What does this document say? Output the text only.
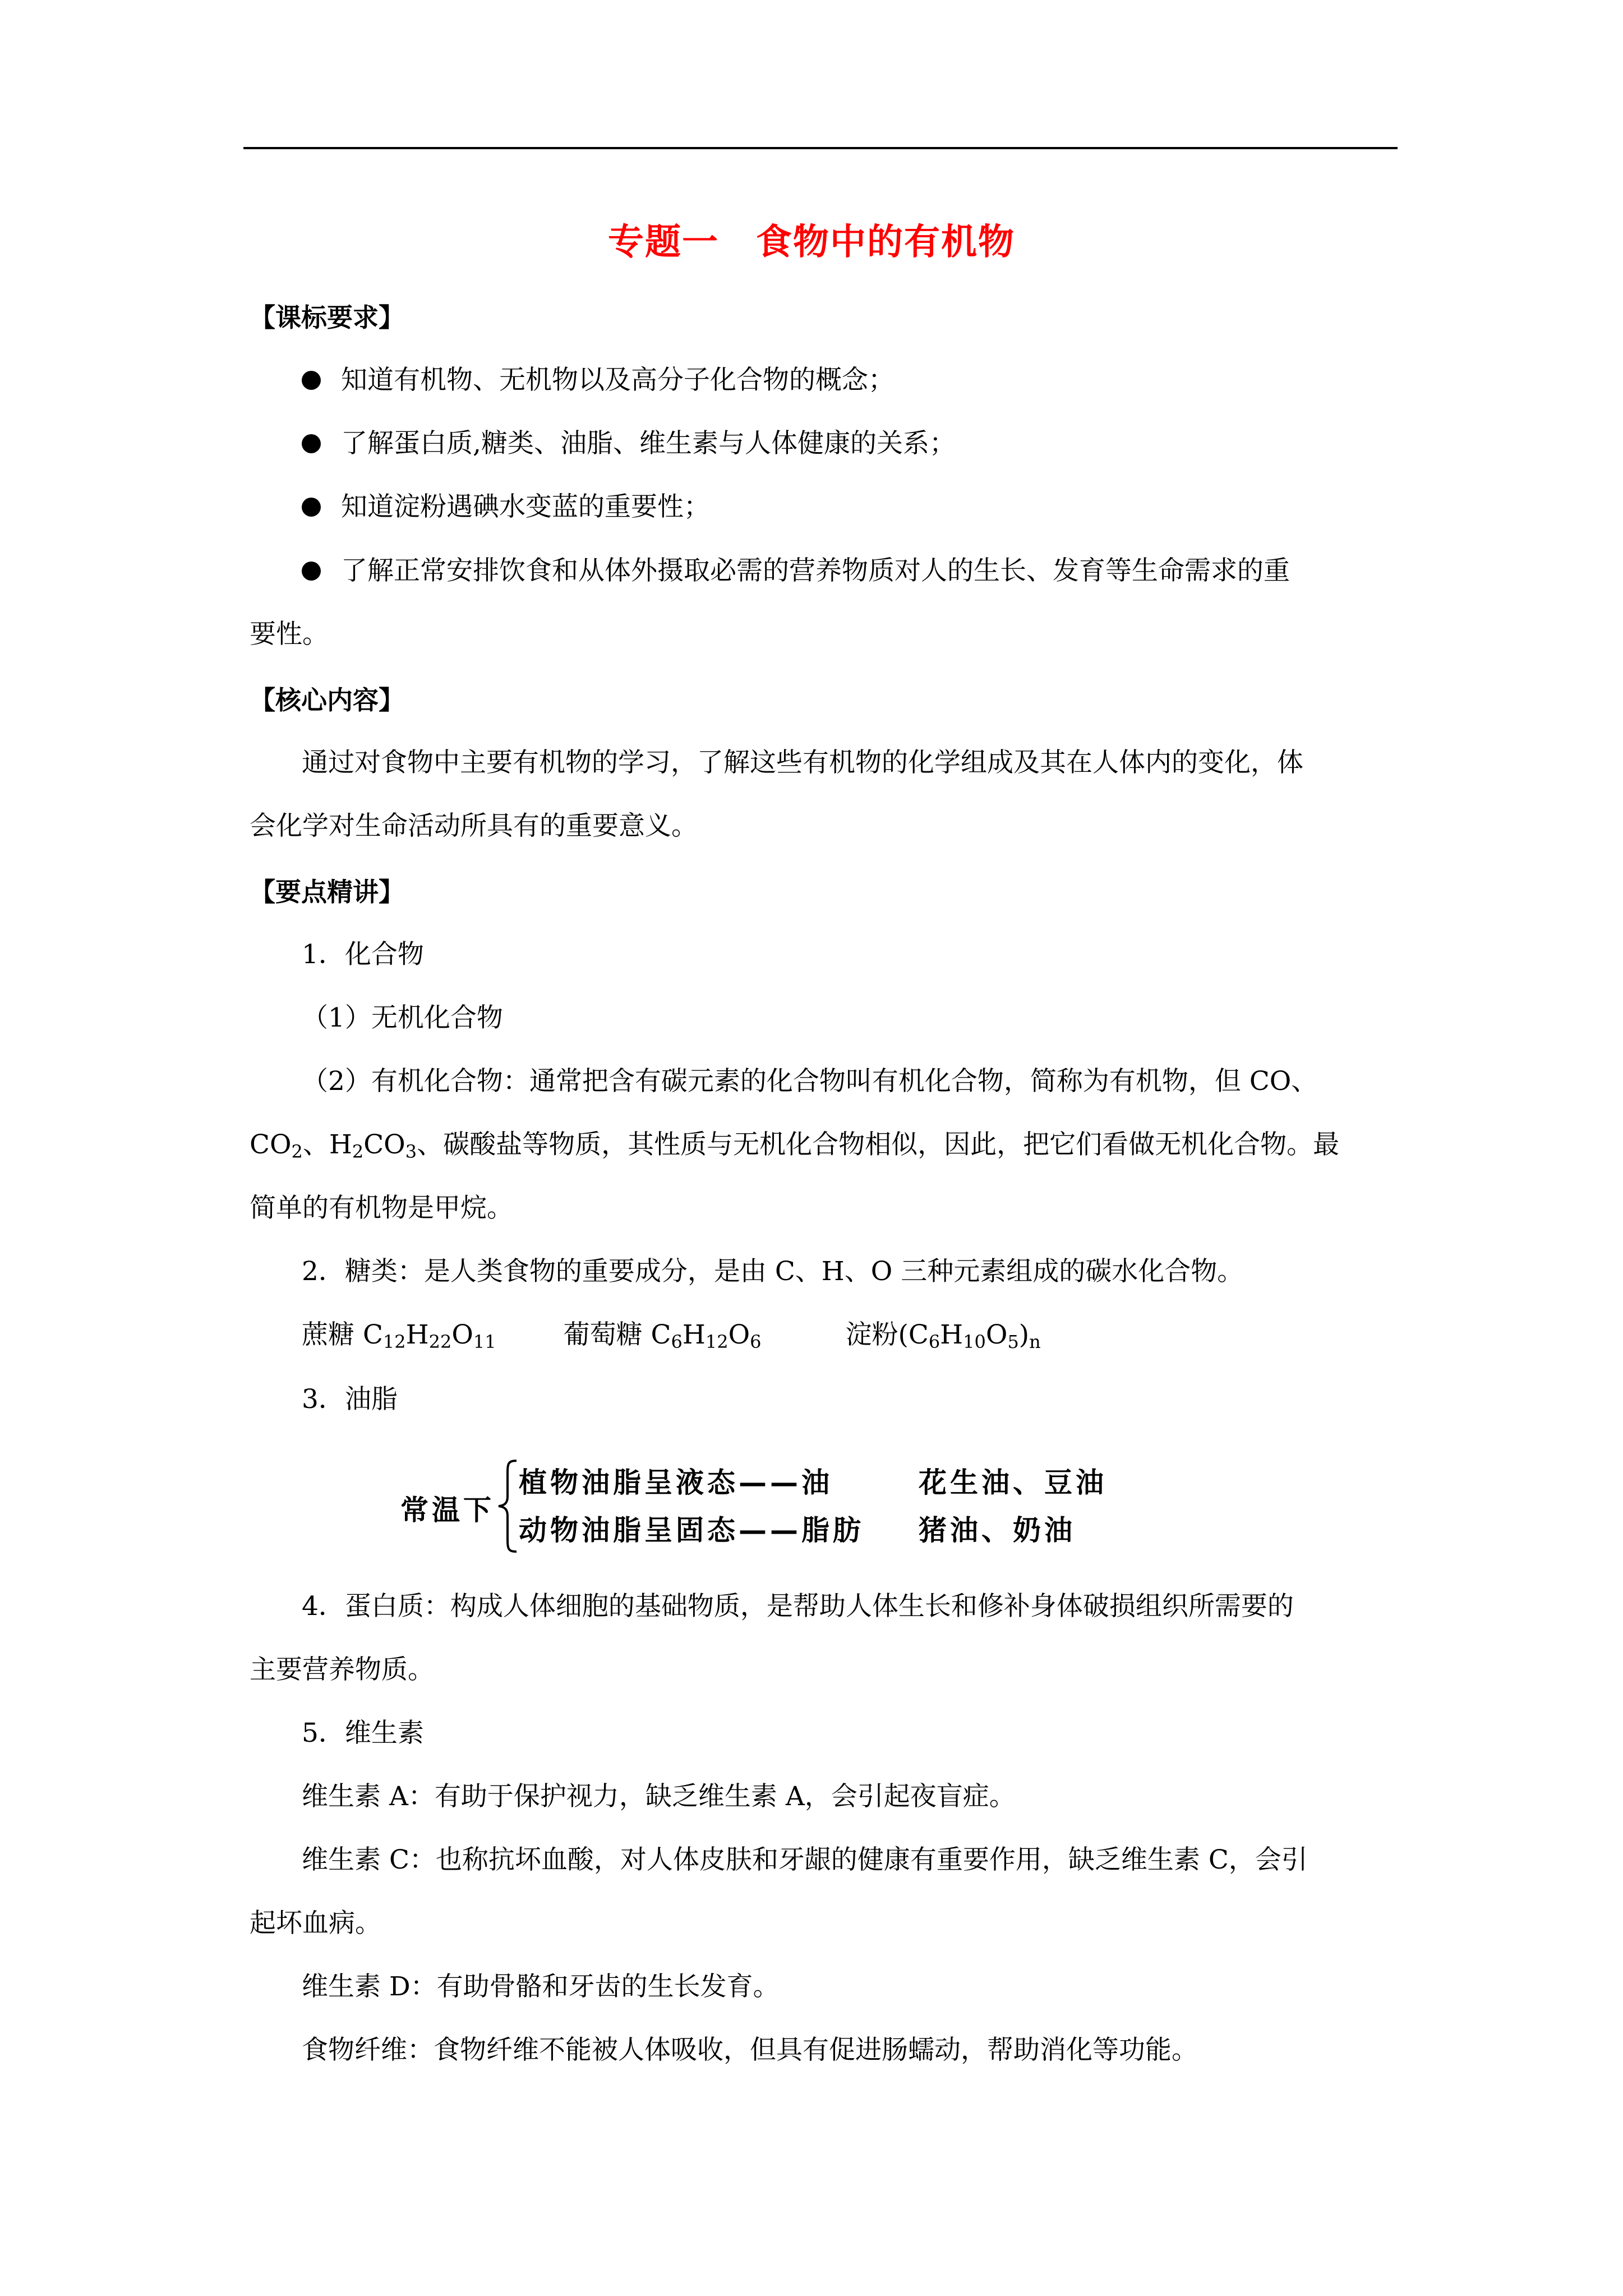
专题一　食物中的有机物
【课标要求】
知道有机物、无机物以及高分子化合物的概念；
了解蛋白质,糖类、油脂、维生素与人体健康的关系；
知道淀粉遇碘水变蓝的重要性；
了解正常安排饮食和从体外摄取必需的营养物质对人的生长、发育等生命需求的重
要性。
【核心内容】
通过对食物中主要有机物的学习，了解这些有机物的化学组成及其在人体内的变化，体
会化学对生命活动所具有的重要意义。
【要点精讲】
1．化合物
（1）无机化合物
（2）有机化合物：通常把含有碳元素的化合物叫有机化合物，简称为有机物，但 CO、
$CO_2$、$H_2CO_3$、碳酸盐等物质，其性质与无机化合物相似，因此，把它们看做无机化合物。最
简单的有机物是甲烷。
2．糖类：是人类食物的重要成分，是由 C、H、O 三种元素组成的碳水化合物。
蔗糖 $C_{12}H_{22}O_{11}$	葡萄糖 $C_6H_{12}O_6$	淀粉$(C_6H_{10}O_5)_n$
3．油脂
常温下
植物油脂呈液态——油	花生油、豆油
动物油脂呈固态——脂肪 猪油、奶油
4．蛋白质：构成人体细胞的基础物质，是帮助人体生长和修补身体破损组织所需要的
主要营养物质。
5．维生素
维生素 A：有助于保护视力，缺乏维生素 A，会引起夜盲症。
维生素 C：也称抗坏血酸，对人体皮肤和牙龈的健康有重要作用，缺乏维生素 C，会引
起坏血病。
维生素 D：有助骨骼和牙齿的生长发育。
食物纤维：食物纤维不能被人体吸收，但具有促进肠蠕动，帮助消化等功能。
